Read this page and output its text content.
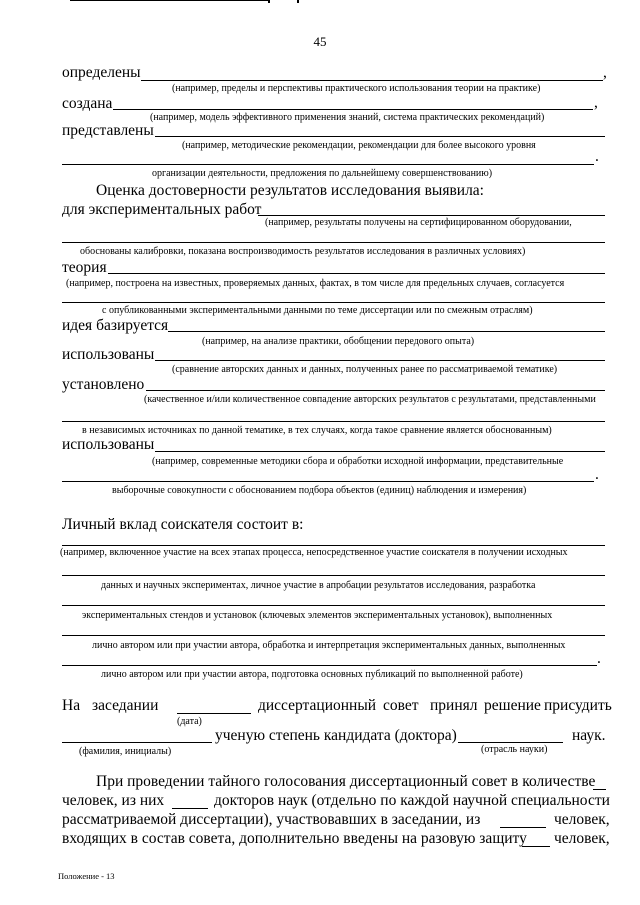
45
определены	,
(например, пределы и перспективы практического использования теории на практике)
создана	,
(например, модель эффективного применения знаний, система практических рекомендаций)
представлены
(например, методические рекомендации, рекомендации для более высокого уровня
.
организации деятельности, предложения по дальнейшему совершенствованию)
Оценка достоверности результатов исследования выявила:
для экспериментальных работ
(например, результаты получены на сертифицированном оборудовании,
обоснованы калибровки, показана воспроизводимость результатов исследования в различных условиях)
теория
(например, построена на известных, проверяемых данных, фактах, в том числе для предельных случаев, согласуется
с опубликованными экспериментальными данными по теме диссертации или по смежным отраслям)
идея базируется
(например, на анализе практики, обобщении передового опыта)
использованы
(сравнение авторских данных и данных, полученных ранее по рассматриваемой тематике)
установлено
(качественное и/или количественное совпадение авторских результатов с результатами, представленными
в независимых источниках по данной тематике, в тех случаях, когда такое сравнение является обоснованным)
использованы
(например, современные методики сбора и обработки исходной информации, представительные
.
выборочные совокупности с обоснованием подбора объектов (единиц) наблюдения и измерения)
Личный вклад соискателя состоит в:
(например, включенное участие на всех этапах процесса, непосредственное участие соискателя в получении исходных
данных и научных экспериментах, личное участие в апробации результатов исследования, разработка
экспериментальных стендов и установок (ключевых элементов экспериментальных установок), выполненных
лично автором или при участии автора, обработка и интерпретация экспериментальных данных, выполненных
.
лично автором или при участии автора, подготовка основных публикаций по выполненной работе)
На заседании	диссертационный совет принял решение присудить
(дата)
ученую степень кандидата (доктора)	наук.
(фамилия, инициалы)	(отрасль науки)
При проведении тайного голосования диссертационный совет в количестве
человек, из них	докторов наук (отдельно по каждой научной специальности
рассматриваемой диссертации), участвовавших в заседании, из	человек,
входящих в состав совета, дополнительно введены на разовую защиту человек,
Положение - 13
